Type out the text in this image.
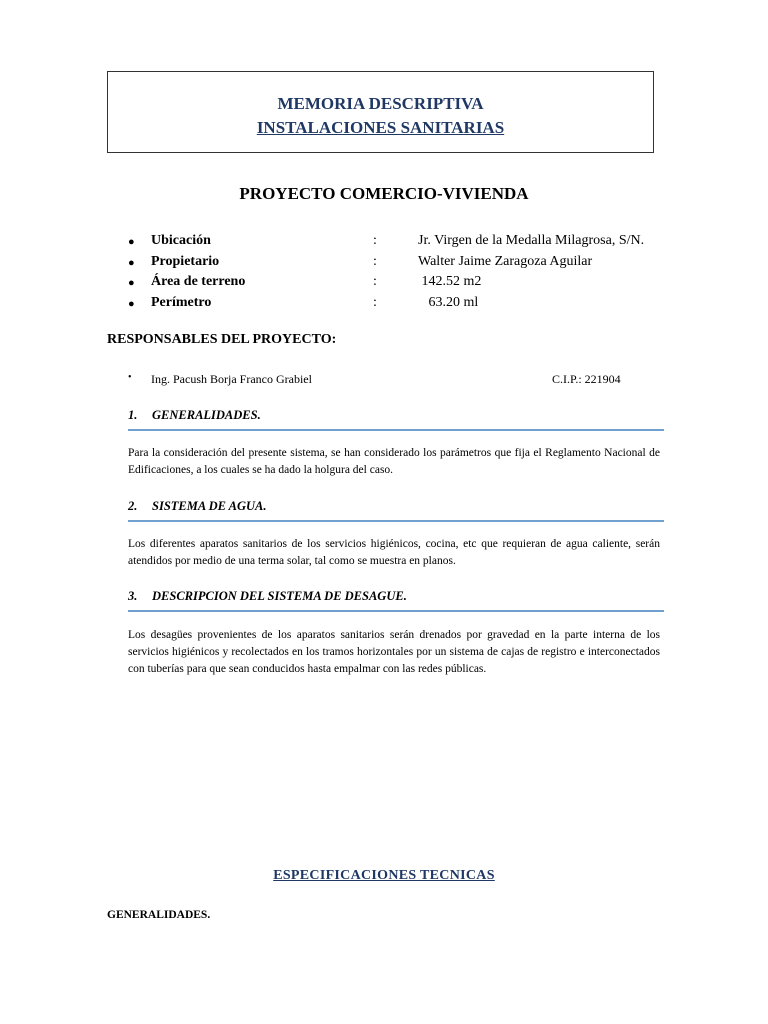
MEMORIA DESCRIPTIVA
INSTALACIONES SANITARIAS
PROYECTO COMERCIO-VIVIENDA
● Ubicación	:	Jr. Virgen de la Medalla Milagrosa, S/N.
● Propietario	:	Walter Jaime Zaragoza Aguilar
● Área de terreno	:	142.52 m2
● Perímetro	:	63.20 ml
RESPONSABLES DEL PROYECTO:
• Ing. Pacush Borja Franco Grabiel	C.I.P.: 221904
1. GENERALIDADES.
Para la consideración del presente sistema, se han considerado los parámetros que fija el Reglamento Nacional de Edificaciones, a los cuales se ha dado la holgura del caso.
2. SISTEMA DE AGUA.
Los diferentes aparatos sanitarios de los servicios higiénicos, cocina, etc que requieran de agua caliente, serán atendidos por medio de una terma solar, tal como se muestra en planos.
3. DESCRIPCION DEL SISTEMA DE DESAGUE.
Los desagües provenientes de los aparatos sanitarios serán drenados por gravedad en la parte interna de los servicios higiénicos y recolectados en los tramos horizontales por un sistema de cajas de registro e interconectados con tuberías para que sean conducidos hasta empalmar con las redes públicas.
ESPECIFICACIONES TECNICAS
GENERALIDADES.
